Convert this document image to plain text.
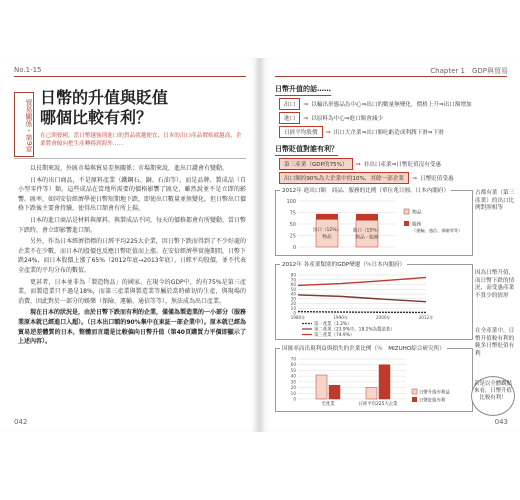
No.1-15
貿易關係・第9章
日幣的升值與貶值
哪個比較有利？
在已開發國，當日幣越強則進口的貨品就越便宜，日本的出口產品價格就越高，企業將會傾向把生產轉移到海外……

以長期來說，外匯市場與貿易差無關係；市場期來說，進出口錢會有變動。

日本的出口商品，不是原料產業（鐵鋼石、銅、石油等），而是品牌、製成品（自小型零件等）類。這些成品在當地所需要的價格影響了匯兌，雖然說並不是立即的影響。匯率，如同安倍經濟學使日幣短期地下跌，即使出口數量並無變化，但日幣出口價格下跌後主要會持續，使得出口額會有所上揚。

日本的進口商品是材料與原料。與製成品不同，每天的價格都會有所變動，當日幣下跌時，會立即影響進口額。

另外，作為日本經濟指標的日經平均225大企業，因日幣下跌而得到了不少好處的企業不在少數，而日本的股價也反應日幣貶值而上漲。在安倍經濟學實施期間，日幣下跌24%，而日本股價上漲了65%（2012年底→2013年底）。日經平均股價，並不代表全產業的平均分布的數值。

更甚者，日本並非為「製造物品」的國家。在現今的GDP中，約有75%是第三產業，而製造業只不過是18%，而第三產業與製造業等屬於當時確切的生產，與現場的消費，因此對於一部分的娛樂（保險、運輸、通信等等），無法成為出口產業。

現在日本的狀況是，由於日幣下跌而有利的企業，僅僅為製造業的一小部分（服務業原本就已經進口入超）。（日本出口額的90%集中在東証一部企業中）。原本就已經為貿易逆差體質的日本，整體而言還是比較偏向日幣升值（第40頁購買力平價即顯示了上述內容）。

042
Chapter 1　GDP與貿易
日幣升值的話……
出口	⇒ 以輸出形態品為中心⇒出口的數量無變化，價格上升⇒出口額增加
進口	⇒ 以原料為中心⇒進口額會減少
日經平均股價	⇒ 出口大企業⇒出口額吃虧造成利潤下滑⇒下滑
日幣貶值對誰有利？
第三產業（GDP的75%）	⇒ 非出口產業⇒日幣貶值沒有受惠
出口額的90%為大企業中的10%，其餘一部企業	⇒ 日幣貶值受惠
2012年 進出口額　商品、服務的比例（單位兆日圓、日本內閣府）
100
75
50
25
0
出口（12%）
物品
進口（15%）
物品・服務
物品
服務
（運輸、通信、保險等等）
占都有業（第三產業）的出口比例對照相等
2012年 各產業類別的GDP變遷（％日本內閣府）
80
70
60
50
40
30
20
10
0
1980年	1990年	2000年	2012年
第一產業（1.2%）
第二產業（23.9%中、18.2%為製造業）
第三產業（74.9%）
因為日幣升值，而日幣下跌的情況，而受惠產業不算少的情形
因匯率而出現利益與損失的企業比例（％　MIZUHO綜合研究所）
70
60
50
40
30
20
10
0
全產業	日經平均225大企業
日幣升值有利益
日幣貶值有利
在全產業中，日幣升值較有利的範多日幣貶值有利
若是以全體觀點來看，日幣升值比較有利！
043
